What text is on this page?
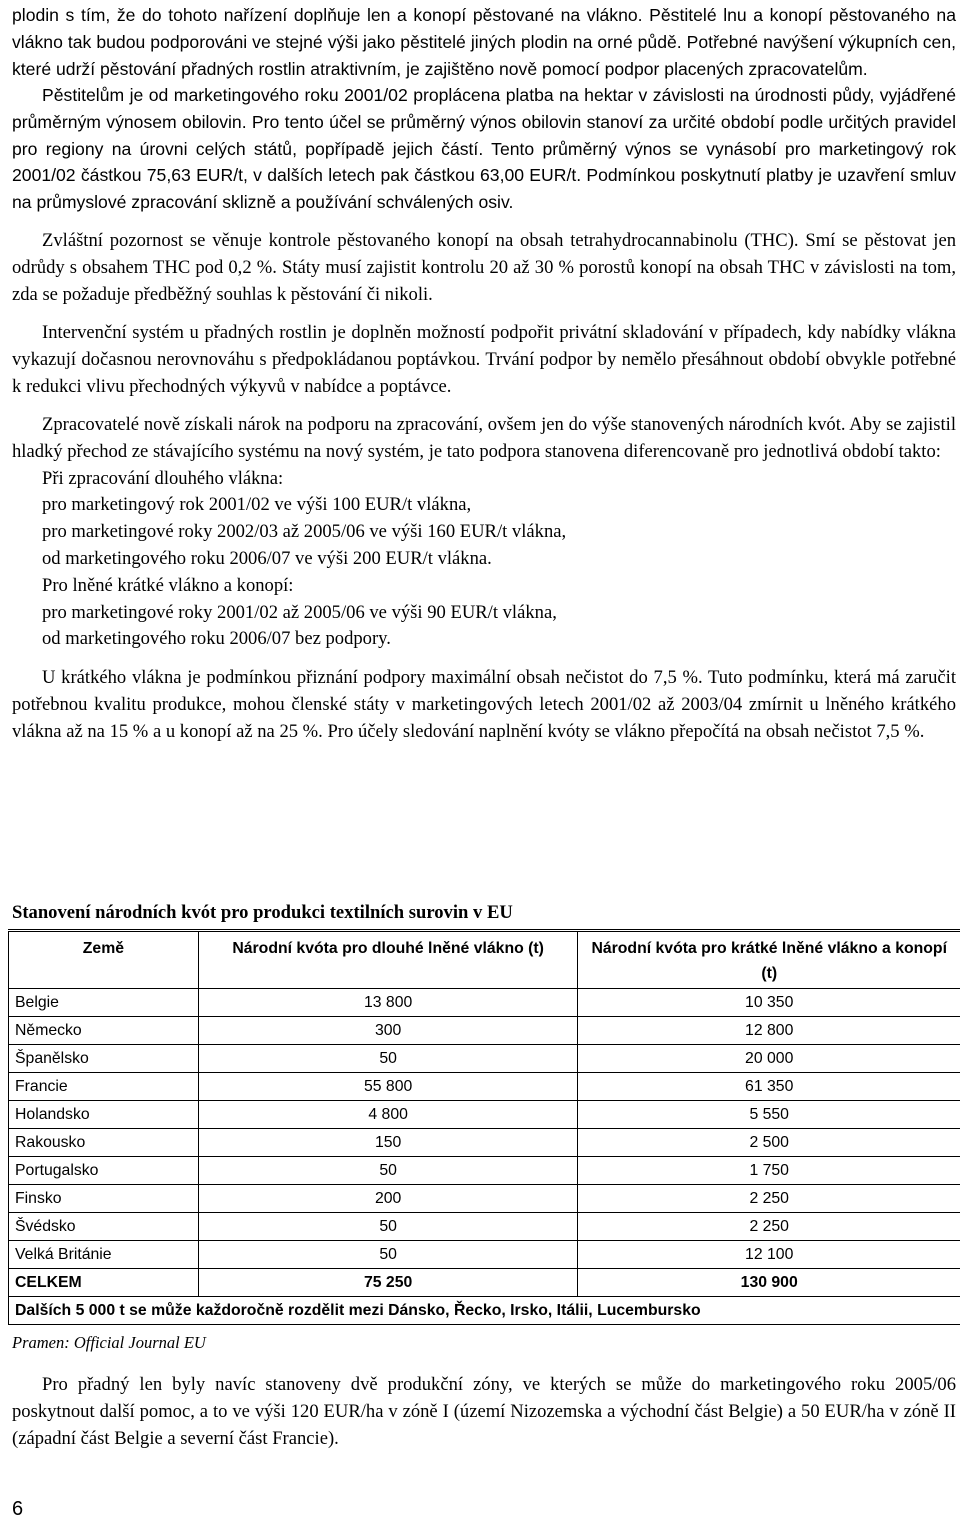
plodin s tím, že do tohoto nařízení doplňuje len a konopí pěstované na vlákno. Pěstitelé lnu a konopí pěstovaného na vlákno tak budou podporováni ve stejné výši jako pěstitelé jiných plodin na orné půdě. Potřebné navýšení výkupních cen, které udrží pěstování přadných rostlin atraktivním, je zajištěno nově pomocí podpor placených zpracovatelům.

Pěstitelům je od marketingového roku 2001/02 proplácena platba na hektar v závislosti na úrodnosti půdy, vyjádřené průměrným výnosem obilovin. Pro tento účel se průměrný výnos obilovin stanoví za určité období podle určitých pravidel pro regiony na úrovni celých států, popřípadě jejich částí. Tento průměrný výnos se vynásobí pro marketingový rok 2001/02 částkou 75,63 EUR/t, v dalších letech pak částkou 63,00 EUR/t. Podmínkou poskytnutí platby je uzavření smluv na průmyslové zpracování sklizně a používání schválených osiv.

Zvláštní pozornost se věnuje kontrole pěstovaného konopí na obsah tetrahydrocannabinolu (THC). Smí se pěstovat jen odrůdy s obsahem THC pod 0,2 %. Státy musí zajistit kontrolu 20 až 30 % porostů konopí na obsah THC v závislosti na tom, zda se požaduje předběžný souhlas k pěstování či nikoli.

Intervenční systém u přadných rostlin je doplněn možností podpořit privátní skladování v případech, kdy nabídky vlákna vykazují dočasnou nerovnováhu s předpokládanou poptávkou. Trvání podpor by nemělo přesáhnout období obvykle potřebné k redukci vlivu přechodných výkyvů v nabídce a poptávce.

Zpracovatelé nově získali nárok na podporu na zpracování, ovšem jen do výše stanovených národních kvót. Aby se zajistil hladký přechod ze stávajícího systému na nový systém, je tato podpora stanovena diferencovaně pro jednotlivá období takto:

Při zpracování dlouhého vlákna:

pro marketingový rok 2001/02 ve výši 100 EUR/t vlákna,

pro marketingové roky 2002/03 až 2005/06 ve výši 160 EUR/t vlákna,

od marketingového roku 2006/07 ve výši 200 EUR/t vlákna.

Pro lněné krátké vlákno a konopí:

pro marketingové roky 2001/02 až 2005/06 ve výši 90 EUR/t vlákna,

od marketingového roku 2006/07 bez podpory.

U krátkého vlákna je podmínkou přiznání podpory maximální obsah nečistot do 7,5 %. Tuto podmínku, která má zaručit potřebnou kvalitu produkce, mohou členské státy v marketingových letech 2001/02 až 2003/04 zmírnit u lněného krátkého vlákna až na 15 % a u konopí až na 25 %. Pro účely sledování naplnění kvóty se vlákno přepočítá na obsah nečistot 7,5 %.

Stanovení národních kvót pro produkci textilních surovin v EU
Země	Národní kvóta pro dlouhé lněné vlákno (t)	Národní kvóta pro krátké lněné vlákno a konopí (t)
Belgie	13 800	10 350
Německo	300	12 800
Španělsko	50	20 000
Francie	55 800	61 350
Holandsko	4 800	5 550
Rakousko	150	2 500
Portugalsko	50	1 750
Finsko	200	2 250
Švédsko	50	2 250
Velká Británie	50	12 100
CELKEM	75 250	130 900
Dalších 5 000 t se může každoročně rozdělit mezi Dánsko, Řecko, Irsko, Itálii, Lucembursko		
Pramen: Official Journal EU

Pro přadný len byly navíc stanoveny dvě produkční zóny, ve kterých se může do marketingového roku 2005/06 poskytnout další pomoc, a to ve výši 120 EUR/ha v zóně I (území Nizozemska a východní část Belgie) a 50 EUR/ha v zóně II (západní část Belgie a severní část Francie).

6
